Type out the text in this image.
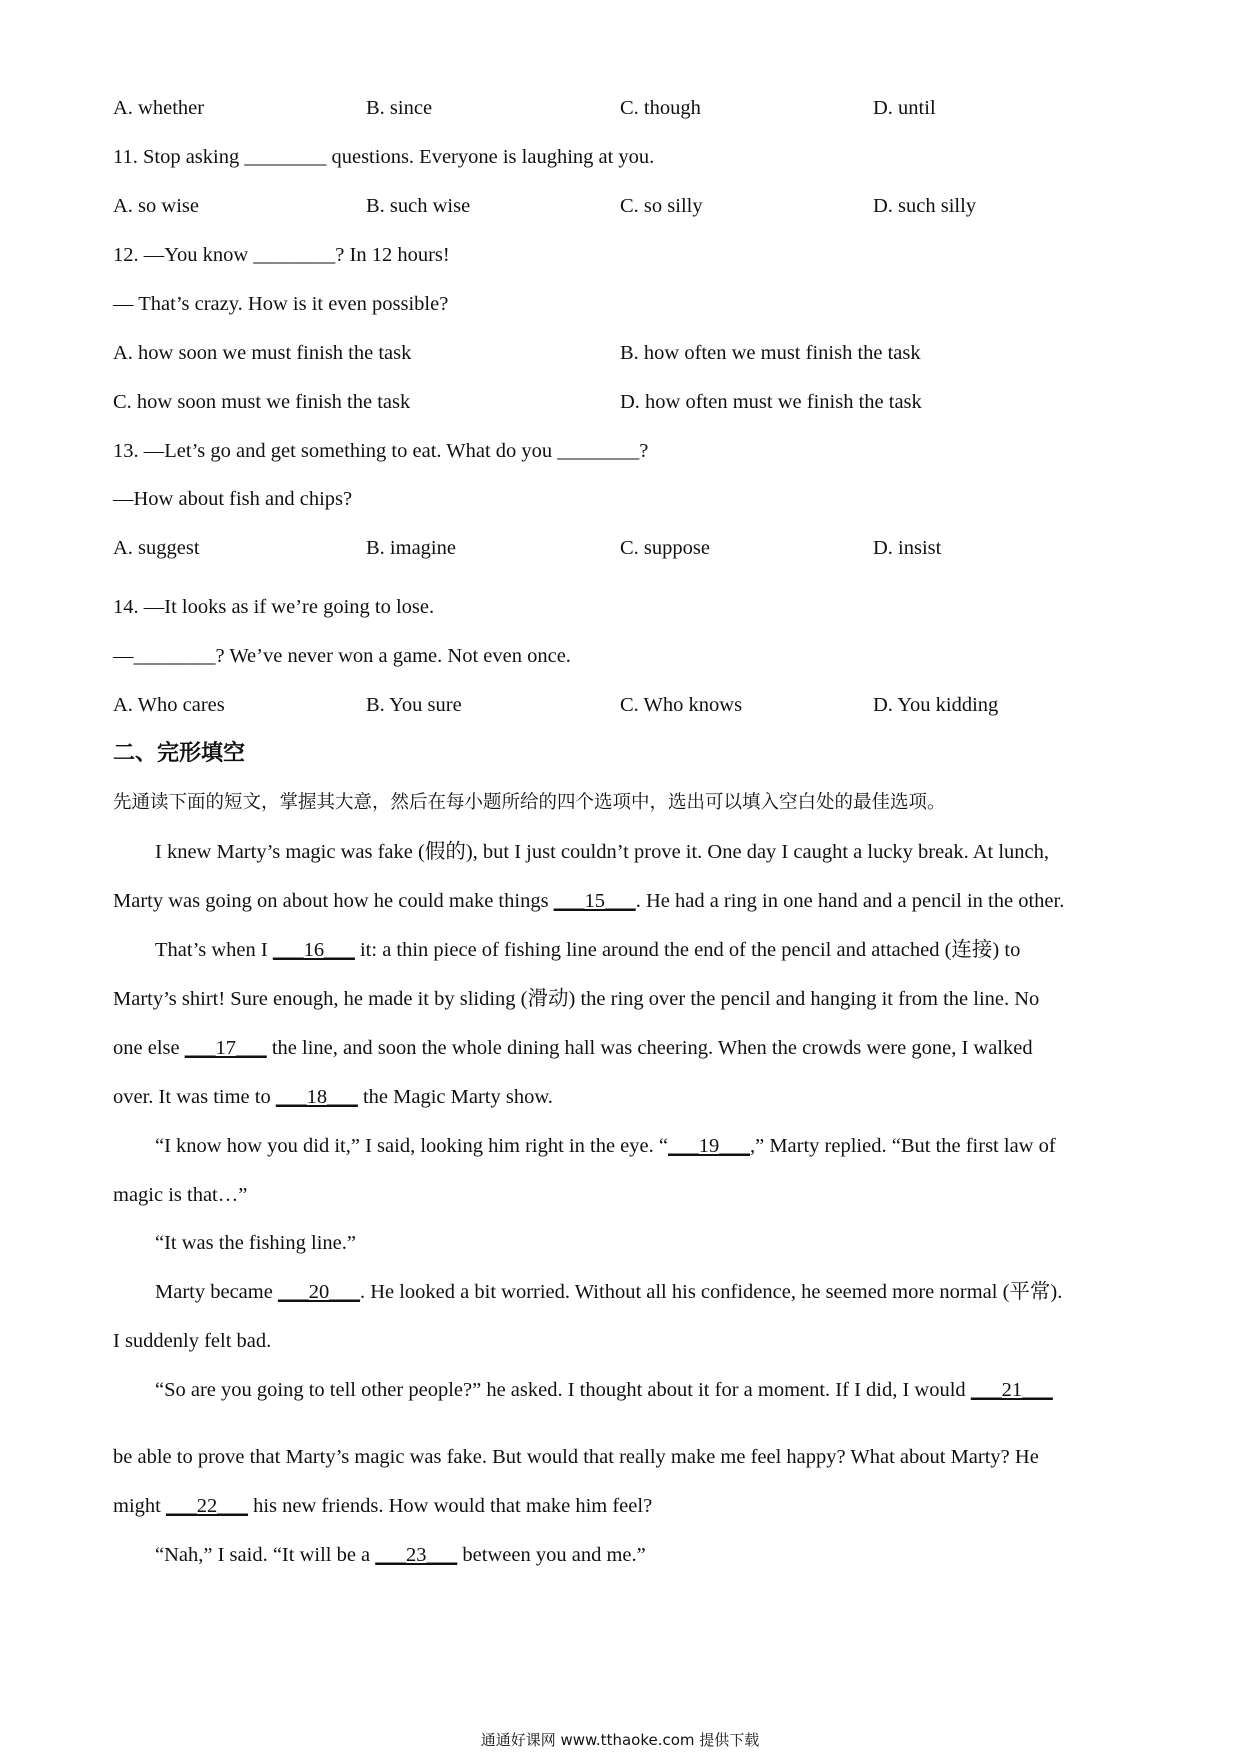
A. whether	B. since	C. though	D. until
11. Stop asking ________ questions. Everyone is laughing at you.
A. so wise	B. such wise	C. so silly	D. such silly
12. —You know ________? In 12 hours!
— That’s crazy. How is it even possible?
A. how soon we must finish the task	B. how often we must finish the task
C. how soon must we finish the task	D. how often must we finish the task
13. —Let’s go and get something to eat. What do you ________?
—How about fish and chips?
A. suggest	B. imagine	C. suppose	D. insist
14. —It looks as if we’re going to lose.
—________? We’ve never won a game. Not even once.
A. Who cares	B. You sure	C. Who knows	D. You kidding
二、完形填空
先通读下面的短文，掌握其大意，然后在每小题所给的四个选项中，选出可以填入空白处的最佳选项。
I knew Marty’s magic was fake (假的), but I just couldn’t prove it. One day I caught a lucky break. At lunch,
Marty was going on about how he could make things ___15___. He had a ring in one hand and a pencil in the other.
That’s when I ___16___ it: a thin piece of fishing line around the end of the pencil and attached (连接) to
Marty’s shirt! Sure enough, he made it by sliding (滑动) the ring over the pencil and hanging it from the line. No
one else ___17___ the line, and soon the whole dining hall was cheering. When the crowds were gone, I walked
over. It was time to ___18___ the Magic Marty show.
“I know how you did it,” I said, looking him right in the eye. “___19___,” Marty replied. “But the first law of
magic is that…”
“It was the fishing line.”
Marty became ___20___. He looked a bit worried. Without all his confidence, he seemed more normal (平常).
I suddenly felt bad.
“So are you going to tell other people?” he asked. I thought about it for a moment. If I did, I would ___21___
be able to prove that Marty’s magic was fake. But would that really make me feel happy? What about Marty? He
might ___22___ his new friends. How would that make him feel?
“Nah,” I said. “It will be a ___23___ between you and me.”
通通好课网 www.tthaoke.com 提供下载
